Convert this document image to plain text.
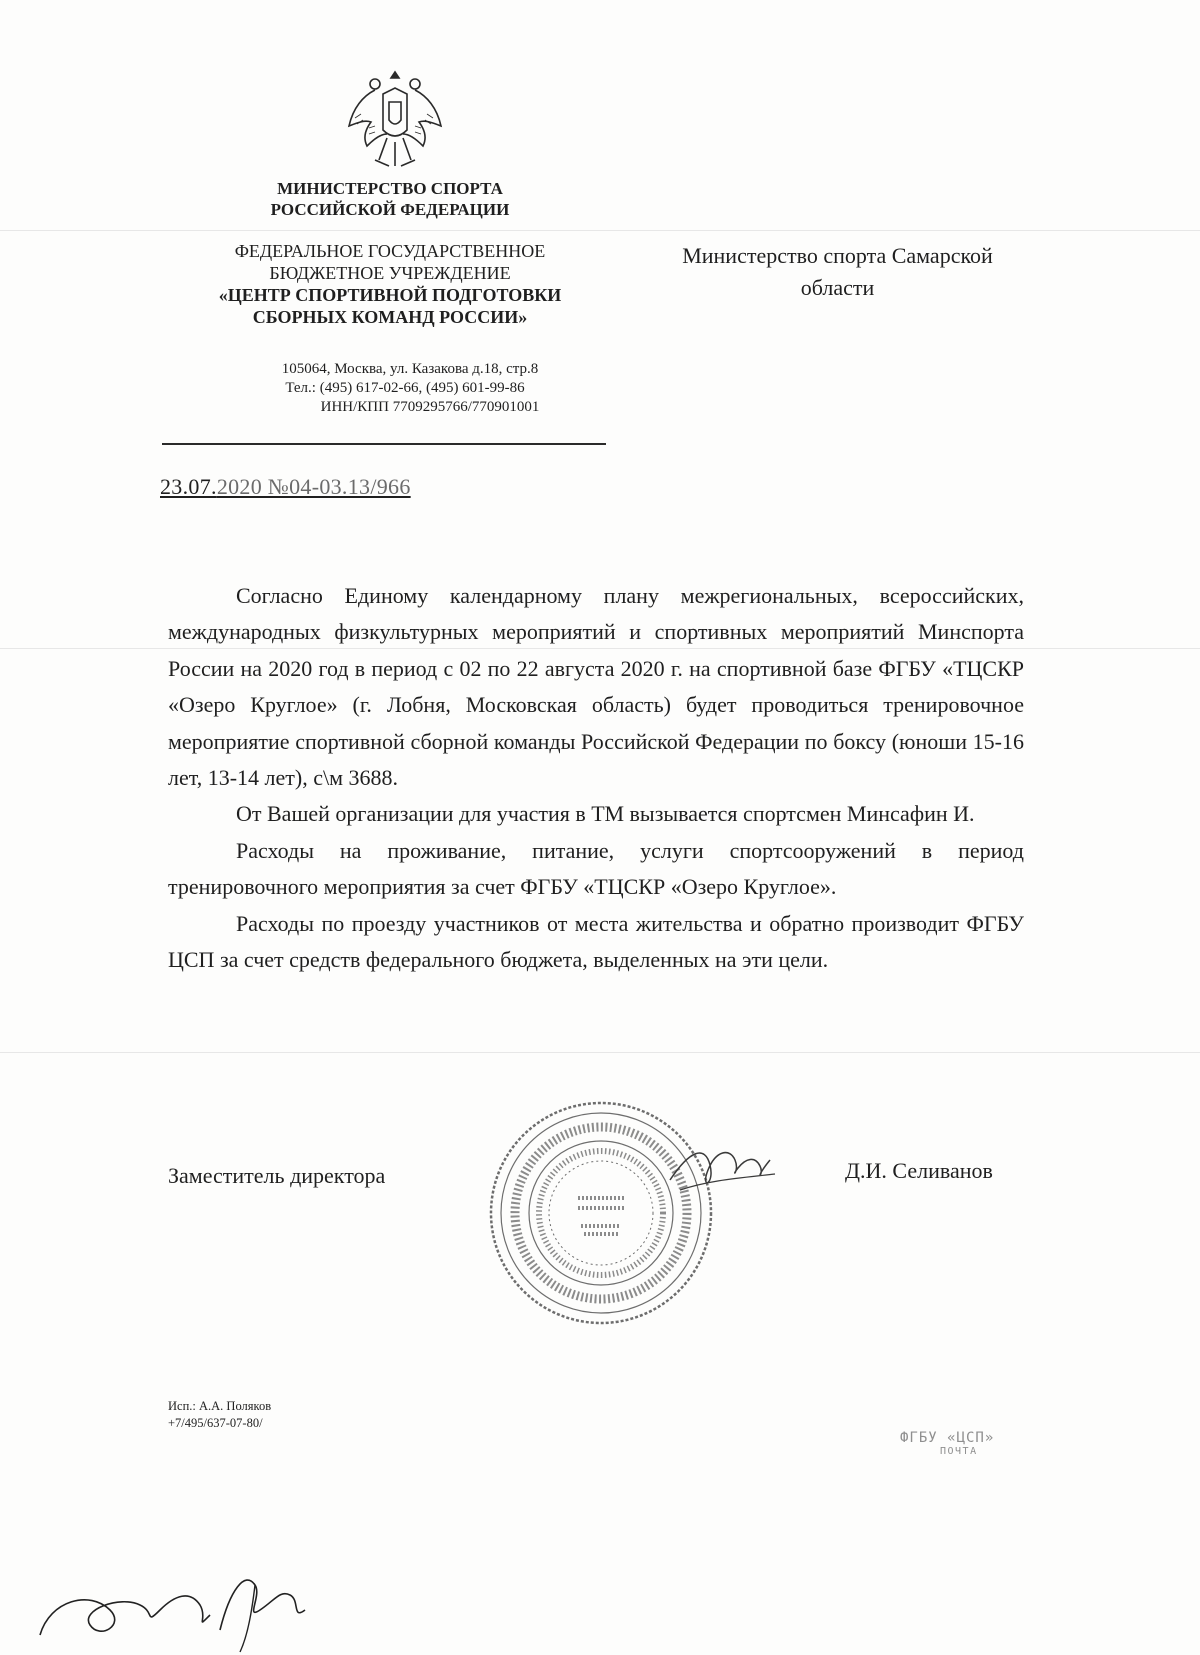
МИНИСТЕРСТВО СПОРТА
РОССИЙСКОЙ ФЕДЕРАЦИИ
ФЕДЕРАЛЬНОЕ ГОСУДАРСТВЕННОЕ
БЮДЖЕТНОЕ УЧРЕЖДЕНИЕ
«ЦЕНТР СПОРТИВНОЙ ПОДГОТОВКИ
СБОРНЫХ КОМАНД РОССИИ»
105064, Москва, ул. Казакова д.18, стр.8
Тел.: (495) 617-02-66, (495) 601-99-86
ИНН/КПП 7709295766/770901001
Министерство спорта Самарской
области
23.07.2020 №04-03.13/966

Согласно Единому календарному плану межрегиональных, всероссийских, международных физкультурных мероприятий и спортивных мероприятий Минспорта России на 2020 год в период с 02 по 22 августа 2020 г. на спортивной базе ФГБУ «ТЦСКР «Озеро Круглое» (г. Лобня, Московская область) будет проводиться тренировочное мероприятие спортивной сборной команды Российской Федерации по боксу (юноши 15-16 лет, 13-14 лет), с\м 3688.

От Вашей организации для участия в ТМ вызывается спортсмен Минсафин И.

Расходы на проживание, питание, услуги спортсооружений в период тренировочного мероприятия за счет ФГБУ «ТЦСКР «Озеро Круглое».

Расходы по проезду участников от места жительства и обратно производит ФГБУ ЦСП за счет средств федерального бюджета, выделенных на эти цели.

Заместитель директора	Д.И. Селиванов
Исп.: А.А. Поляков
+7/495/637-07-80/
ФГБУ «ЦСП»
ПОЧТА
